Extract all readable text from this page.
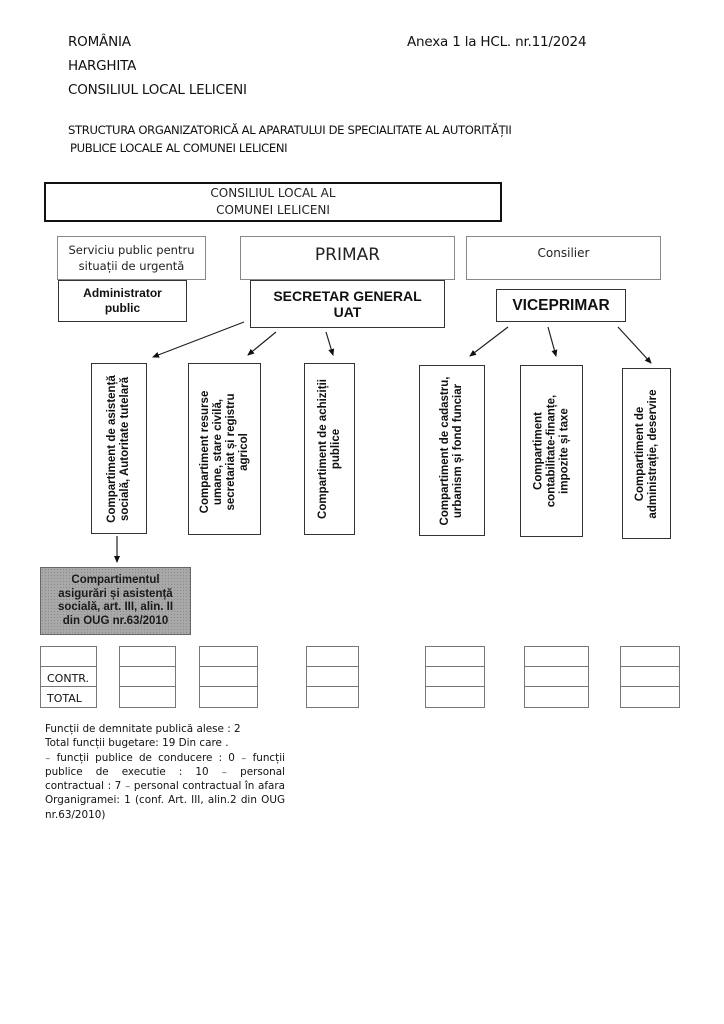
ROMÂNIA
HARGHITA
CONSILIUL LOCAL LELICENI
Anexa 1 la HCL. nr.11/2024
STRUCTURA ORGANIZATORICĂ AL APARATULUI DE SPECIALITATE AL AUTORITĂȚII
PUBLICE LOCALE AL COMUNEI LELICENI
CONSILIUL LOCAL AL
COMUNEI LELICENI
Serviciu public pentru
situații de urgentă
Administrator
public
PRIMAR
SECRETAR GENERAL
UAT
Consilier
VICEPRIMAR
Compartiment de asistență socială, Autoritate tutelară	Compartiment resurse umane, stare civilă, secretariat și registru agricol	Compartiment de achiziții publice	Compartiment de cadastru, urbanism și fond funciar	Compartiment contabilitate-finanțe, impozite și taxe	Compartiment de administrație, deservire
Compartimentul
asigurări și asistență
socială, art. III, alin. II
din OUG nr.63/2010
CONTR.
TOTAL
Funcții de demnitate publică alese : 2
Total funcții bugetare: 19 Din care .
₋ funcții publice de conducere : 0 ₋ funcții publice de executie : 10 ₋ personal contractual : 7 ₋ personal contractual în afara Organigramei: 1 (conf. Art. III, alin.2 din OUG nr.63/2010)
